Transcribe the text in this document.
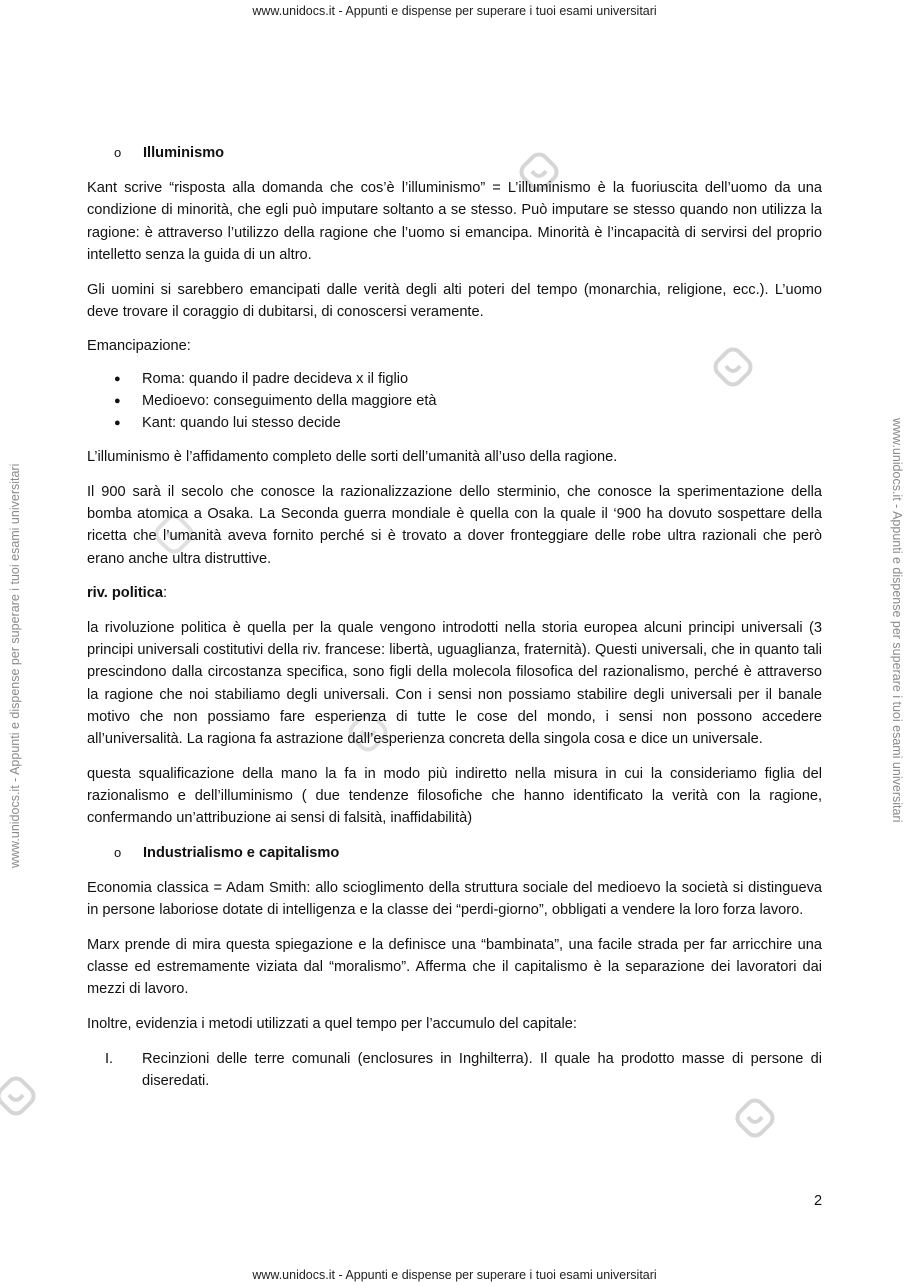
www.unidocs.it - Appunti e dispense per superare i tuoi esami universitari
www.unidocs.it - Appunti e dispense per superare i tuoi esami universitari
www.unidocs.it - Appunti e dispense per superare i tuoi esami universitari	www.unidocs.it - Appunti e dispense per superare i tuoi esami universitari
o	Illuminismo

Kant scrive “risposta alla domanda che cos’è l’illuminismo” = L’illuminismo è la fuoriuscita dell’uomo da una condizione di minorità, che egli può imputare soltanto a se stesso. Può imputare se stesso quando non utilizza la ragione: è attraverso l’utilizzo della ragione che l’uomo si emancipa. Minorità è l’incapacità di servirsi del proprio intelletto senza la guida di un altro.

Gli uomini si sarebbero emancipati dalle verità degli alti poteri del tempo (monarchia, religione, ecc.). L’uomo deve trovare il coraggio di dubitarsi, di conoscersi veramente.

Emancipazione:

●	Roma: quando il padre decideva x il figlio
●	Medioevo: conseguimento della maggiore età
●	Kant: quando lui stesso decide

L’illuminismo è l’affidamento completo delle sorti dell’umanità all’uso della ragione.

Il 900 sarà il secolo che conosce la razionalizzazione dello sterminio, che conosce la sperimentazione della bomba atomica a Osaka. La Seconda guerra mondiale è quella con la quale il ‘900 ha dovuto sospettare della ricetta che l’umanità aveva fornito perché si è trovato a dover fronteggiare delle robe ultra razionali che però erano anche ultra distruttive.

riv. politica:

la rivoluzione politica è quella per la quale vengono introdotti nella storia europea alcuni principi universali (3 principi universali costitutivi della riv. francese: libertà, uguaglianza, fraternità). Questi universali, che in quanto tali prescindono dalla circostanza specifica, sono figli della molecola filosofica del razionalismo, perché è attraverso la ragione che noi stabiliamo degli universali. Con i sensi non possiamo stabilire degli universali per il banale motivo che non possiamo fare esperienza di tutte le cose del mondo, i sensi non possono accedere all’universalità. La ragiona fa astrazione dall’esperienza concreta della singola cosa e dice un universale.

questa squalificazione della mano la fa in modo più indiretto nella misura in cui la consideriamo figlia del razionalismo e dell’illuminismo ( due tendenze filosofiche che hanno identificato la verità con la ragione, confermando un’attribuzione ai sensi di falsità, inaffidabilità)

o	Industrialismo e capitalismo

Economia classica = Adam Smith: allo scioglimento della struttura sociale del medioevo la società si distingueva in persone laboriose dotate di intelligenza e la classe dei “perdi-giorno”, obbligati a vendere la loro forza lavoro.

Marx prende di mira questa spiegazione e la definisce una “bambinata”, una facile strada per far arricchire una classe ed estremamente viziata dal “moralismo”. Afferma che il capitalismo è la separazione dei lavoratori dai mezzi di lavoro.

Inoltre, evidenzia i metodi utilizzati a quel tempo per l’accumulo del capitale:

I.	Recinzioni delle terre comunali (enclosures in Inghilterra). Il quale ha prodotto masse di persone di diseredati.
2
